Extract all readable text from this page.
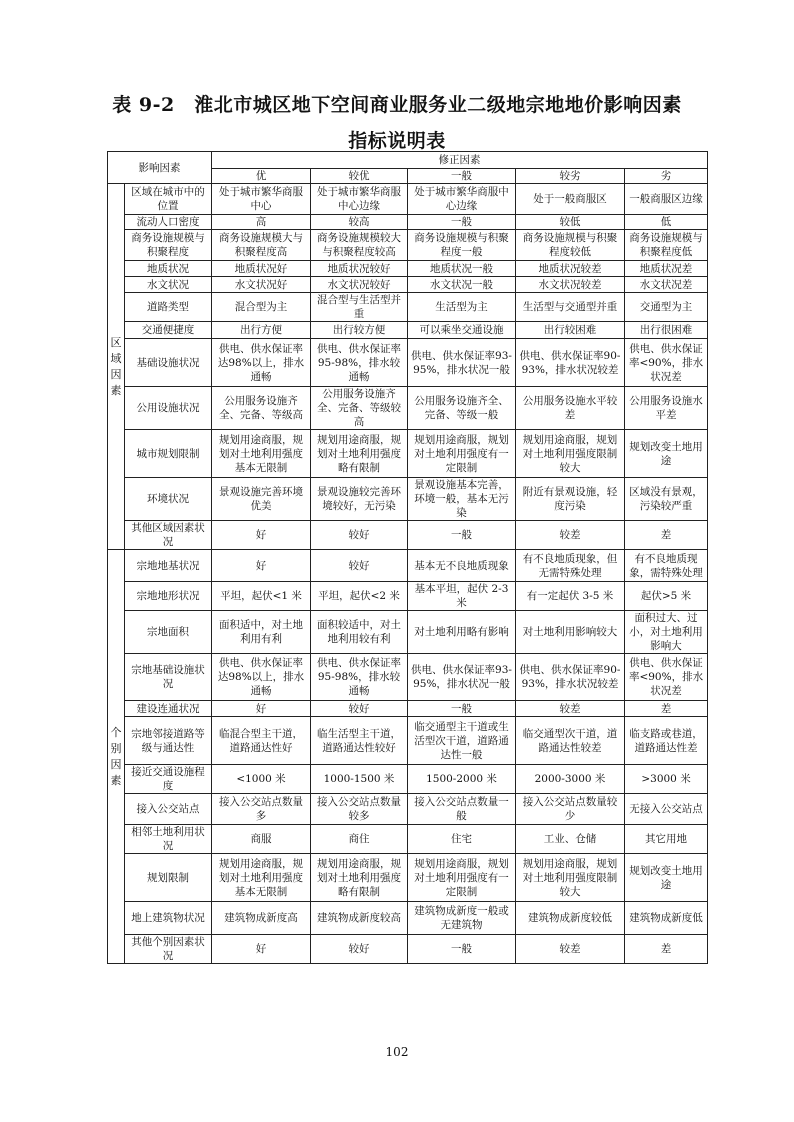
表 9-2　淮北市城区地下空间商业服务业二级地宗地地价影响因素
指标说明表
影响因素		修正因素				
		优	较优	一般	较劣	劣

区
域
因
素	区域在城市中的位置	处于城市繁华商服中心	处于城市繁华商服中心边缘	处于城市繁华商服中心边缘	处于一般商服区	一般商服区边缘
	流动人口密度	高	较高	一般	较低	低
	商务设施规模与积聚程度	商务设施规模大与积聚程度高	商务设施规模较大与积聚程度较高	商务设施规模与积聚程度一般	商务设施规模与积聚程度较低	商务设施规模与积聚程度低
	地质状况	地质状况好	地质状况较好	地质状况一般	地质状况较差	地质状况差
	水文状况	水文状况好	水文状况较好	水文状况一般	水文状况较差	水文状况差
	道路类型	混合型为主	混合型与生活型并重	生活型为主	生活型与交通型并重	交通型为主
	交通便捷度	出行方便	出行较方便	可以乘坐交通设施	出行较困难	出行很困难
	基础设施状况	供电、供水保证率达98%以上，排水通畅	供电、供水保证率95-98%，排水较通畅	供电、供水保证率93-95%，排水状况一般	供电、供水保证率90-93%，排水状况较差	供电、供水保证率<90%，排水状况差
	公用设施状况	公用服务设施齐全、完备、等级高	公用服务设施齐全、完备、等级较高	公用服务设施齐全、完备、等级一般	公用服务设施水平较差	公用服务设施水平差
	城市规划限制	规划用途商服，规划对土地利用强度基本无限制	规划用途商服，规划对土地利用强度略有限制	规划用途商服，规划对土地利用强度有一定限制	规划用途商服，规划对土地利用强度限制较大	规划改变土地用途
	环境状况	景观设施完善环境优美	景观设施较完善环境较好，无污染	景观设施基本完善，环境一般，基本无污染	附近有景观设施，轻度污染	区域没有景观，污染较严重
	其他区域因素状况	好	较好	一般	较差	差

个
别
因
素	宗地地基状况	好	较好	基本无不良地质现象	有不良地质现象，但无需特殊处理	有不良地质现象，需特殊处理
	宗地地形状况	平坦，起伏<1 米	平坦，起伏<2 米	基本平坦，起伏 2-3 米	有一定起伏 3-5 米	起伏>5 米
	宗地面积	面积适中，对土地利用有利	面积较适中，对土地利用较有利	对土地利用略有影响	对土地利用影响较大	面积过大、过小，对土地利用影响大
	宗地基础设施状况	供电、供水保证率达98%以上，排水通畅	供电、供水保证率95-98%，排水较通畅	供电、供水保证率93-95%，排水状况一般	供电、供水保证率90-93%，排水状况较差	供电、供水保证率<90%，排水状况差
	建设连通状况	好	较好	一般	较差	差
	宗地邻接道路等级与通达性	临混合型主干道，道路通达性好	临生活型主干道，道路通达性较好	临交通型主干道或生活型次干道，道路通达性一般	临交通型次干道，道路通达性较差	临支路或巷道，道路通达性差
	接近交通设施程度	<1000 米	1000-1500 米	1500-2000 米	2000-3000 米	>3000 米
	接入公交站点	接入公交站点数量多	接入公交站点数量较多	接入公交站点数量一般	接入公交站点数量较少	无接入公交站点
	相邻土地利用状况	商服	商住	住宅	工业、仓储	其它用地
	规划限制	规划用途商服，规划对土地利用强度基本无限制	规划用途商服，规划对土地利用强度略有限制	规划用途商服，规划对土地利用强度有一定限制	规划用途商服，规划对土地利用强度限制较大	规划改变土地用途
	地上建筑物状况	建筑物成新度高	建筑物成新度较高	建筑物成新度一般或无建筑物	建筑物成新度较低	建筑物成新度低
	其他个别因素状况	好	较好	一般	较差	差
102
